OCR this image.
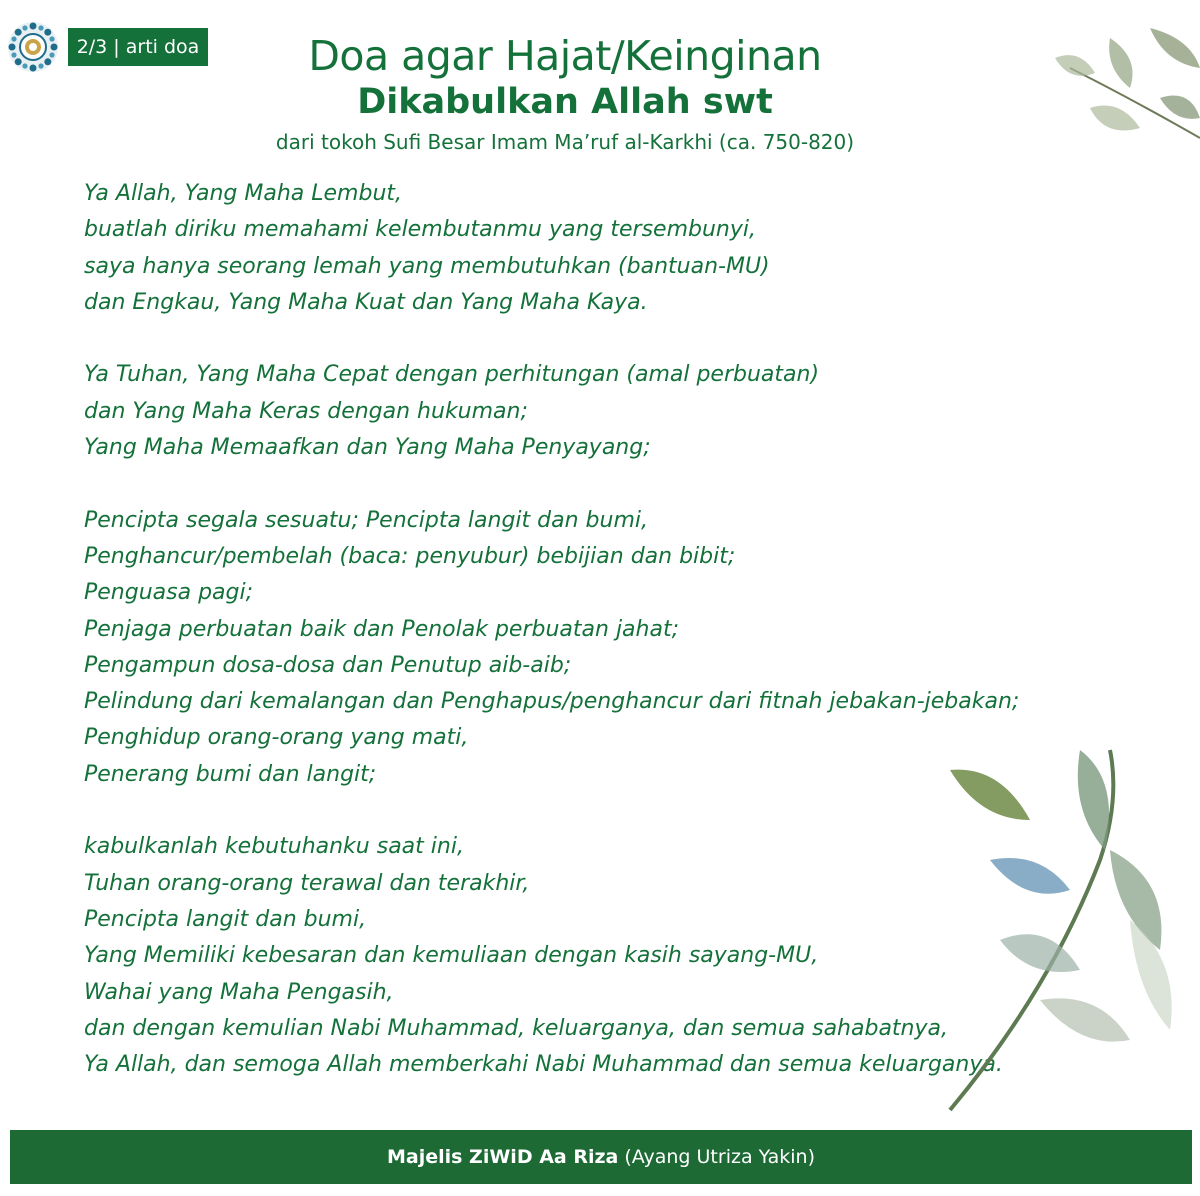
2/3 | arti doa	Doa agar Hajat/Keinginan
Dikabulkan Allah swt
dari tokoh Sufi Besar Imam Ma’ruf al-Karkhi (ca. 750-820)
Ya Allah, Yang Maha Lembut,
buatlah diriku memahami kelembutanmu yang tersembunyi,
saya hanya seorang lemah yang membutuhkan (bantuan-MU)
dan Engkau, Yang Maha Kuat dan Yang Maha Kaya.
Ya Tuhan, Yang Maha Cepat dengan perhitungan (amal perbuatan)
dan Yang Maha Keras dengan hukuman;
Yang Maha Memaafkan dan Yang Maha Penyayang;
Pencipta segala sesuatu; Pencipta langit dan bumi,
Penghancur/pembelah (baca: penyubur) bebijian dan bibit;
Penguasa pagi;
Penjaga perbuatan baik dan Penolak perbuatan jahat;
Pengampun dosa-dosa dan Penutup aib-aib;
Pelindung dari kemalangan dan Penghapus/penghancur dari fitnah jebakan-jebakan;
Penghidup orang-orang yang mati,
Penerang bumi dan langit;
kabulkanlah kebutuhanku saat ini,
Tuhan orang-orang terawal dan terakhir,
Pencipta langit dan bumi,
Yang Memiliki kebesaran dan kemuliaan dengan kasih sayang-MU,
Wahai yang Maha Pengasih,
dan dengan kemulian Nabi Muhammad, keluarganya, dan semua sahabatnya,
Ya Allah, dan semoga Allah memberkahi Nabi Muhammad dan semua keluarganya.
Majelis ZiWiD Aa Riza (Ayang Utriza Yakin)
